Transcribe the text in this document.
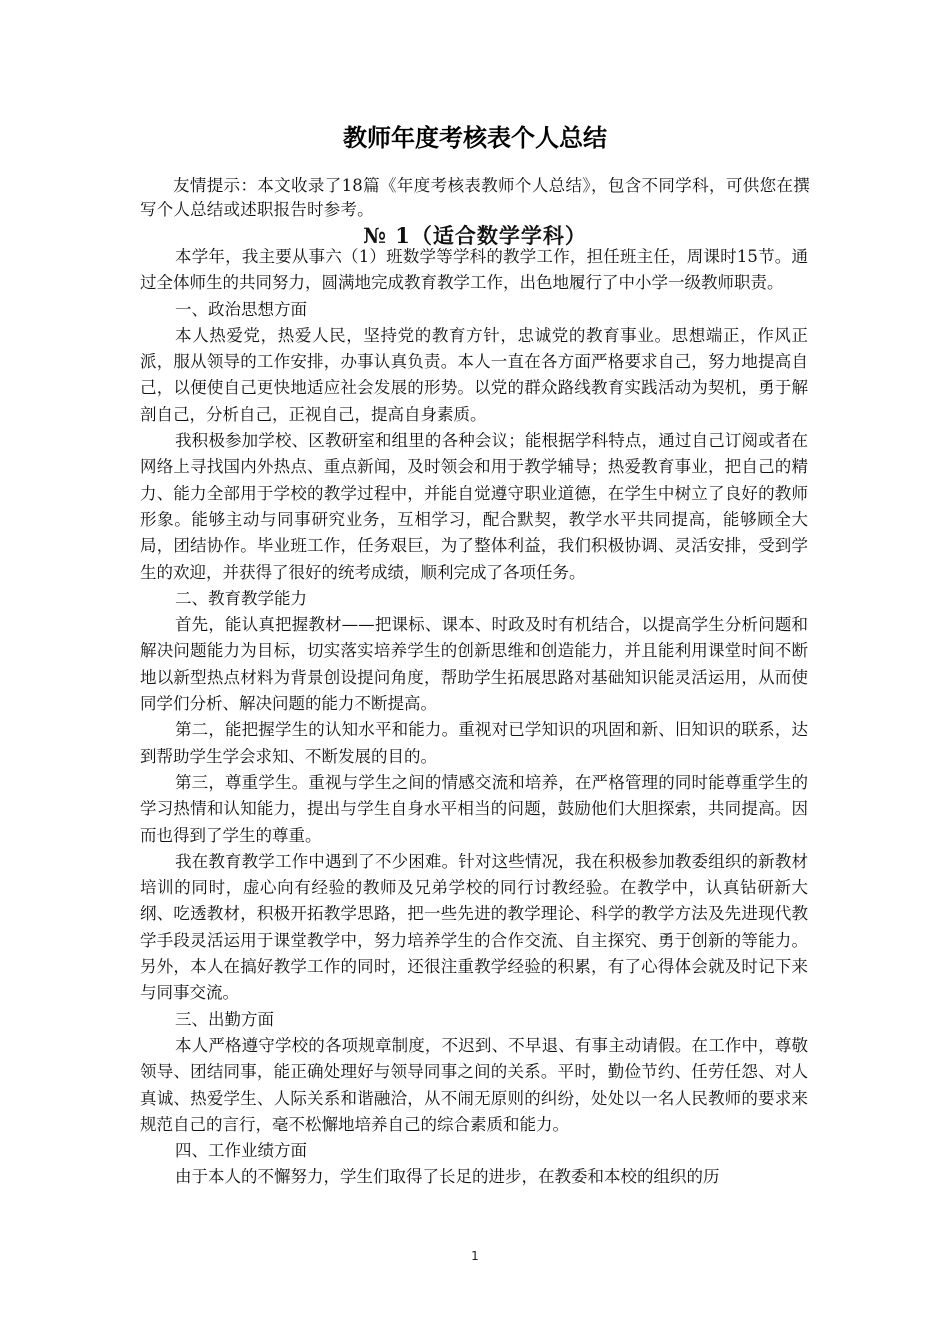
教师年度考核表个人总结
友情提示：本文收录了18篇《年度考核表教师个人总结》，包含不同学科，可供您在撰写个人总结或述职报告时参考。
№ 1（适合数学学科）

本学年，我主要从事六（1）班数学等学科的教学工作，担任班主任，周课时15节。通过全体师生的共同努力，圆满地完成教育教学工作，出色地履行了中小学一级教师职责。

一、政治思想方面

本人热爱党，热爱人民，坚持党的教育方针，忠诚党的教育事业。思想端正，作风正派，服从领导的工作安排，办事认真负责。本人一直在各方面严格要求自己，努力地提高自己，以便使自己更快地适应社会发展的形势。以党的群众路线教育实践活动为契机，勇于解剖自己，分析自己，正视自己，提高自身素质。

我积极参加学校、区教研室和组里的各种会议；能根据学科特点，通过自己订阅或者在网络上寻找国内外热点、重点新闻，及时领会和用于教学辅导；热爱教育事业，把自己的精力、能力全部用于学校的教学过程中，并能自觉遵守职业道德，在学生中树立了良好的教师形象。能够主动与同事研究业务，互相学习，配合默契，教学水平共同提高，能够顾全大局，团结协作。毕业班工作，任务艰巨，为了整体利益，我们积极协调、灵活安排，受到学生的欢迎，并获得了很好的统考成绩，顺利完成了各项任务。

二、教育教学能力

首先，能认真把握教材——把课标、课本、时政及时有机结合，以提高学生分析问题和解决问题能力为目标，切实落实培养学生的创新思维和创造能力，并且能利用课堂时间不断地以新型热点材料为背景创设提问角度，帮助学生拓展思路对基础知识能灵活运用，从而使同学们分析、解决问题的能力不断提高。

第二，能把握学生的认知水平和能力。重视对已学知识的巩固和新、旧知识的联系，达到帮助学生学会求知、不断发展的目的。

第三，尊重学生。重视与学生之间的情感交流和培养，在严格管理的同时能尊重学生的学习热情和认知能力，提出与学生自身水平相当的问题，鼓励他们大胆探索，共同提高。因而也得到了学生的尊重。

我在教育教学工作中遇到了不少困难。针对这些情况，我在积极参加教委组织的新教材培训的同时，虚心向有经验的教师及兄弟学校的同行讨教经验。在教学中，认真钻研新大纲、吃透教材，积极开拓教学思路，把一些先进的教学理论、科学的教学方法及先进现代教学手段灵活运用于课堂教学中，努力培养学生的合作交流、自主探究、勇于创新的等能力。另外，本人在搞好教学工作的同时，还很注重教学经验的积累，有了心得体会就及时记下来与同事交流。

三、出勤方面

本人严格遵守学校的各项规章制度，不迟到、不早退、有事主动请假。在工作中，尊敬领导、团结同事，能正确处理好与领导同事之间的关系。平时，勤俭节约、任劳任怨、对人真诚、热爱学生、人际关系和谐融洽，从不闹无原则的纠纷，处处以一名人民教师的要求来规范自己的言行，毫不松懈地培养自己的综合素质和能力。

四、工作业绩方面

由于本人的不懈努力，学生们取得了长足的进步，在教委和本校的组织的历

1
